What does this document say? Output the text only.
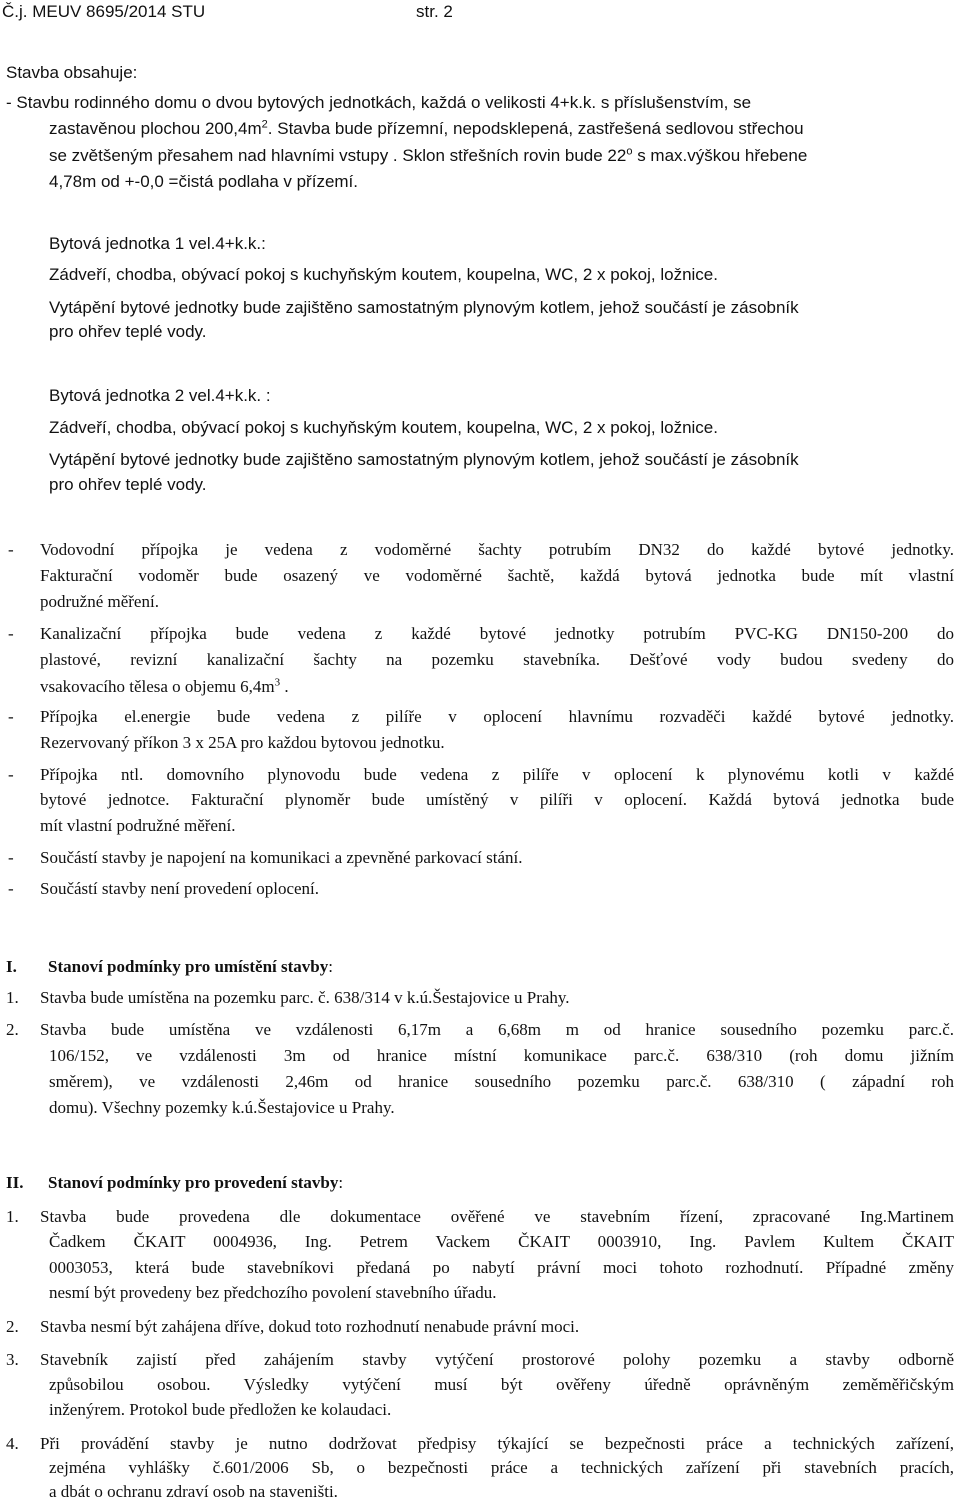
Č.j. MEUV 8695/2014 STU	str. 2
Stavba obsahuje:
- Stavbu rodinného domu o dvou bytových jednotkách, každá o velikosti 4+k.k. s příslušenstvím, se
zastavěnou plochou $200,4m^2$. Stavba bude přízemní, nepodsklepená, zastřešená sedlovou střechou
se zvětšeným přesahem nad hlavními vstupy . Sklon střešních rovin bude 22$^o$ s max.výškou hřebene
4,78m od +-0,0 =čistá podlaha v přízemí.
Bytová jednotka 1 vel.4+k.k.:
Zádveří, chodba, obývací pokoj s kuchyňským koutem, koupelna, WC, 2 x pokoj, ložnice.
Vytápění bytové jednotky bude zajištěno samostatným plynovým kotlem, jehož součástí je zásobník
pro ohřev teplé vody.
Bytová jednotka 2 vel.4+k.k. :
Zádveří, chodba, obývací pokoj s kuchyňským koutem, koupelna, WC, 2 x pokoj, ložnice.
Vytápění bytové jednotky bude zajištěno samostatným plynovým kotlem, jehož součástí je zásobník
pro ohřev teplé vody.
- Vodovodní přípojka je vedena z vodoměrné šachty potrubím DN32 do každé bytové jednotky.
Fakturační vodoměr bude osazený ve vodoměrné šachtě, každá bytová jednotka bude mít vlastní
podružné měření.
- Kanalizační přípojka bude vedena z každé bytové jednotky potrubím PVC-KG DN150-200 do
plastové, revizní kanalizační šachty na pozemku stavebníka. Dešťové vody budou svedeny do
vsakovacího tělesa o objemu $6,4m^3$ .
- Přípojka el.energie bude vedena z pilíře v oplocení hlavnímu rozvaděči každé bytové jednotky.
Rezervovaný příkon 3 x 25A pro každou bytovou jednotku.
- Přípojka ntl. domovního plynovodu bude vedena z pilíře v oplocení k plynovému kotli v každé
bytové jednotce. Fakturační plynoměr bude umístěný v pilíři v oplocení. Každá bytová jednotka bude
mít vlastní podružné měření.
- Součástí stavby je napojení na komunikaci a zpevněné parkovací stání.
- Součástí stavby není provedení oplocení.
I. Stanoví podmínky pro umístění stavby:
1. Stavba bude umístěna na pozemku parc. č. 638/314 v k.ú.Šestajovice u Prahy.
2. Stavba bude umístěna ve vzdálenosti 6,17m a 6,68m m od hranice sousedního pozemku parc.č.
106/152, ve vzdálenosti 3m od hranice místní komunikace parc.č. 638/310 (roh domu jižním
směrem), ve vzdálenosti 2,46m od hranice sousedního pozemku parc.č. 638/310 ( západní roh
domu). Všechny pozemky k.ú.Šestajovice u Prahy.
II. Stanoví podmínky pro provedení stavby:
1. Stavba bude provedena dle dokumentace ověřené ve stavebním řízení, zpracované Ing.Martinem
Čadkem ČKAIT 0004936, Ing. Petrem Vackem ČKAIT 0003910, Ing. Pavlem Kultem ČKAIT
0003053, která bude stavebníkovi předaná po nabytí právní moci tohoto rozhodnutí. Případné změny
nesmí být provedeny bez předchozího povolení stavebního úřadu.
2. Stavba nesmí být zahájena dříve, dokud toto rozhodnutí nenabude právní moci.
3. Stavebník zajistí před zahájením stavby vytýčení prostorové polohy pozemku a stavby odborně
způsobilou osobou. Výsledky vytýčení musí být ověřeny úředně oprávněným zeměměřičským
inženýrem. Protokol bude předložen ke kolaudaci.
4. Při provádění stavby je nutno dodržovat předpisy týkající se bezpečnosti práce a technických zařízení,
zejména vyhlášky č.601/2006 Sb, o bezpečnosti práce a technických zařízení při stavebních pracích,
a dbát o ochranu zdraví osob na staveništi.
